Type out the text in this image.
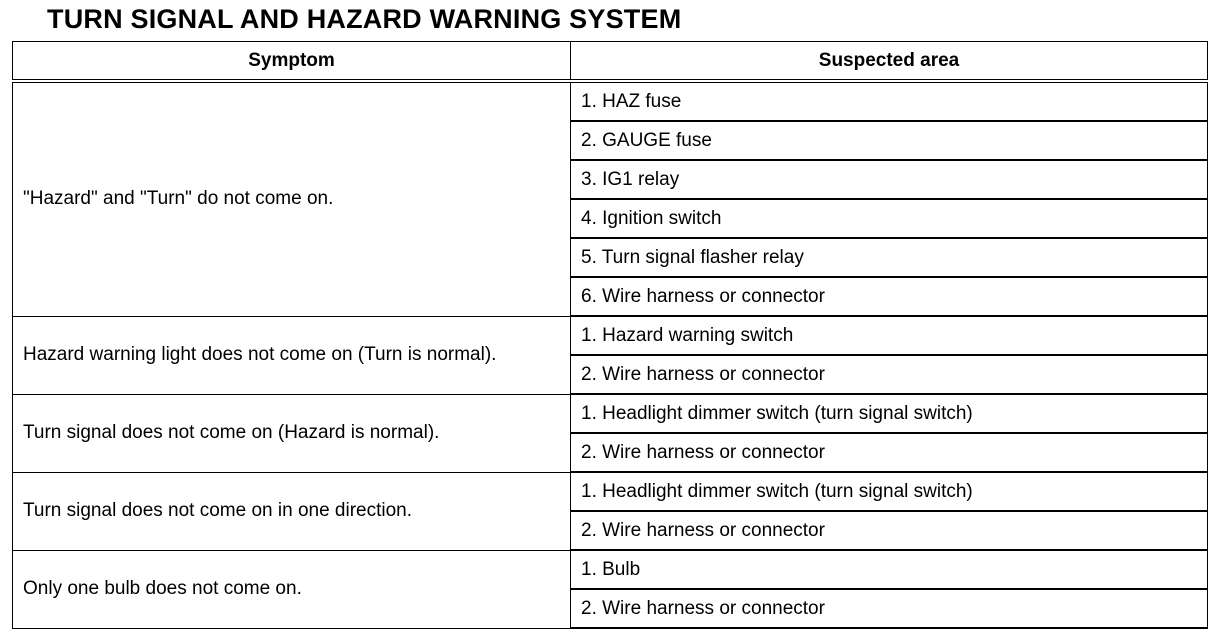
TURN SIGNAL AND HAZARD WARNING SYSTEM
Symptom	Suspected area
"Hazard" and "Turn" do not come on.	1. HAZ fuse
	2. GAUGE fuse
	3. IG1 relay
	4. Ignition switch
	5. Turn signal flasher relay
	6. Wire harness or connector
Hazard warning light does not come on (Turn is normal).	1. Hazard warning switch
	2. Wire harness or connector
Turn signal does not come on (Hazard is normal).	1. Headlight dimmer switch (turn signal switch)
	2. Wire harness or connector
Turn signal does not come on in one direction.	1. Headlight dimmer switch (turn signal switch)
	2. Wire harness or connector
Only one bulb does not come on.	1. Bulb
	2. Wire harness or connector
